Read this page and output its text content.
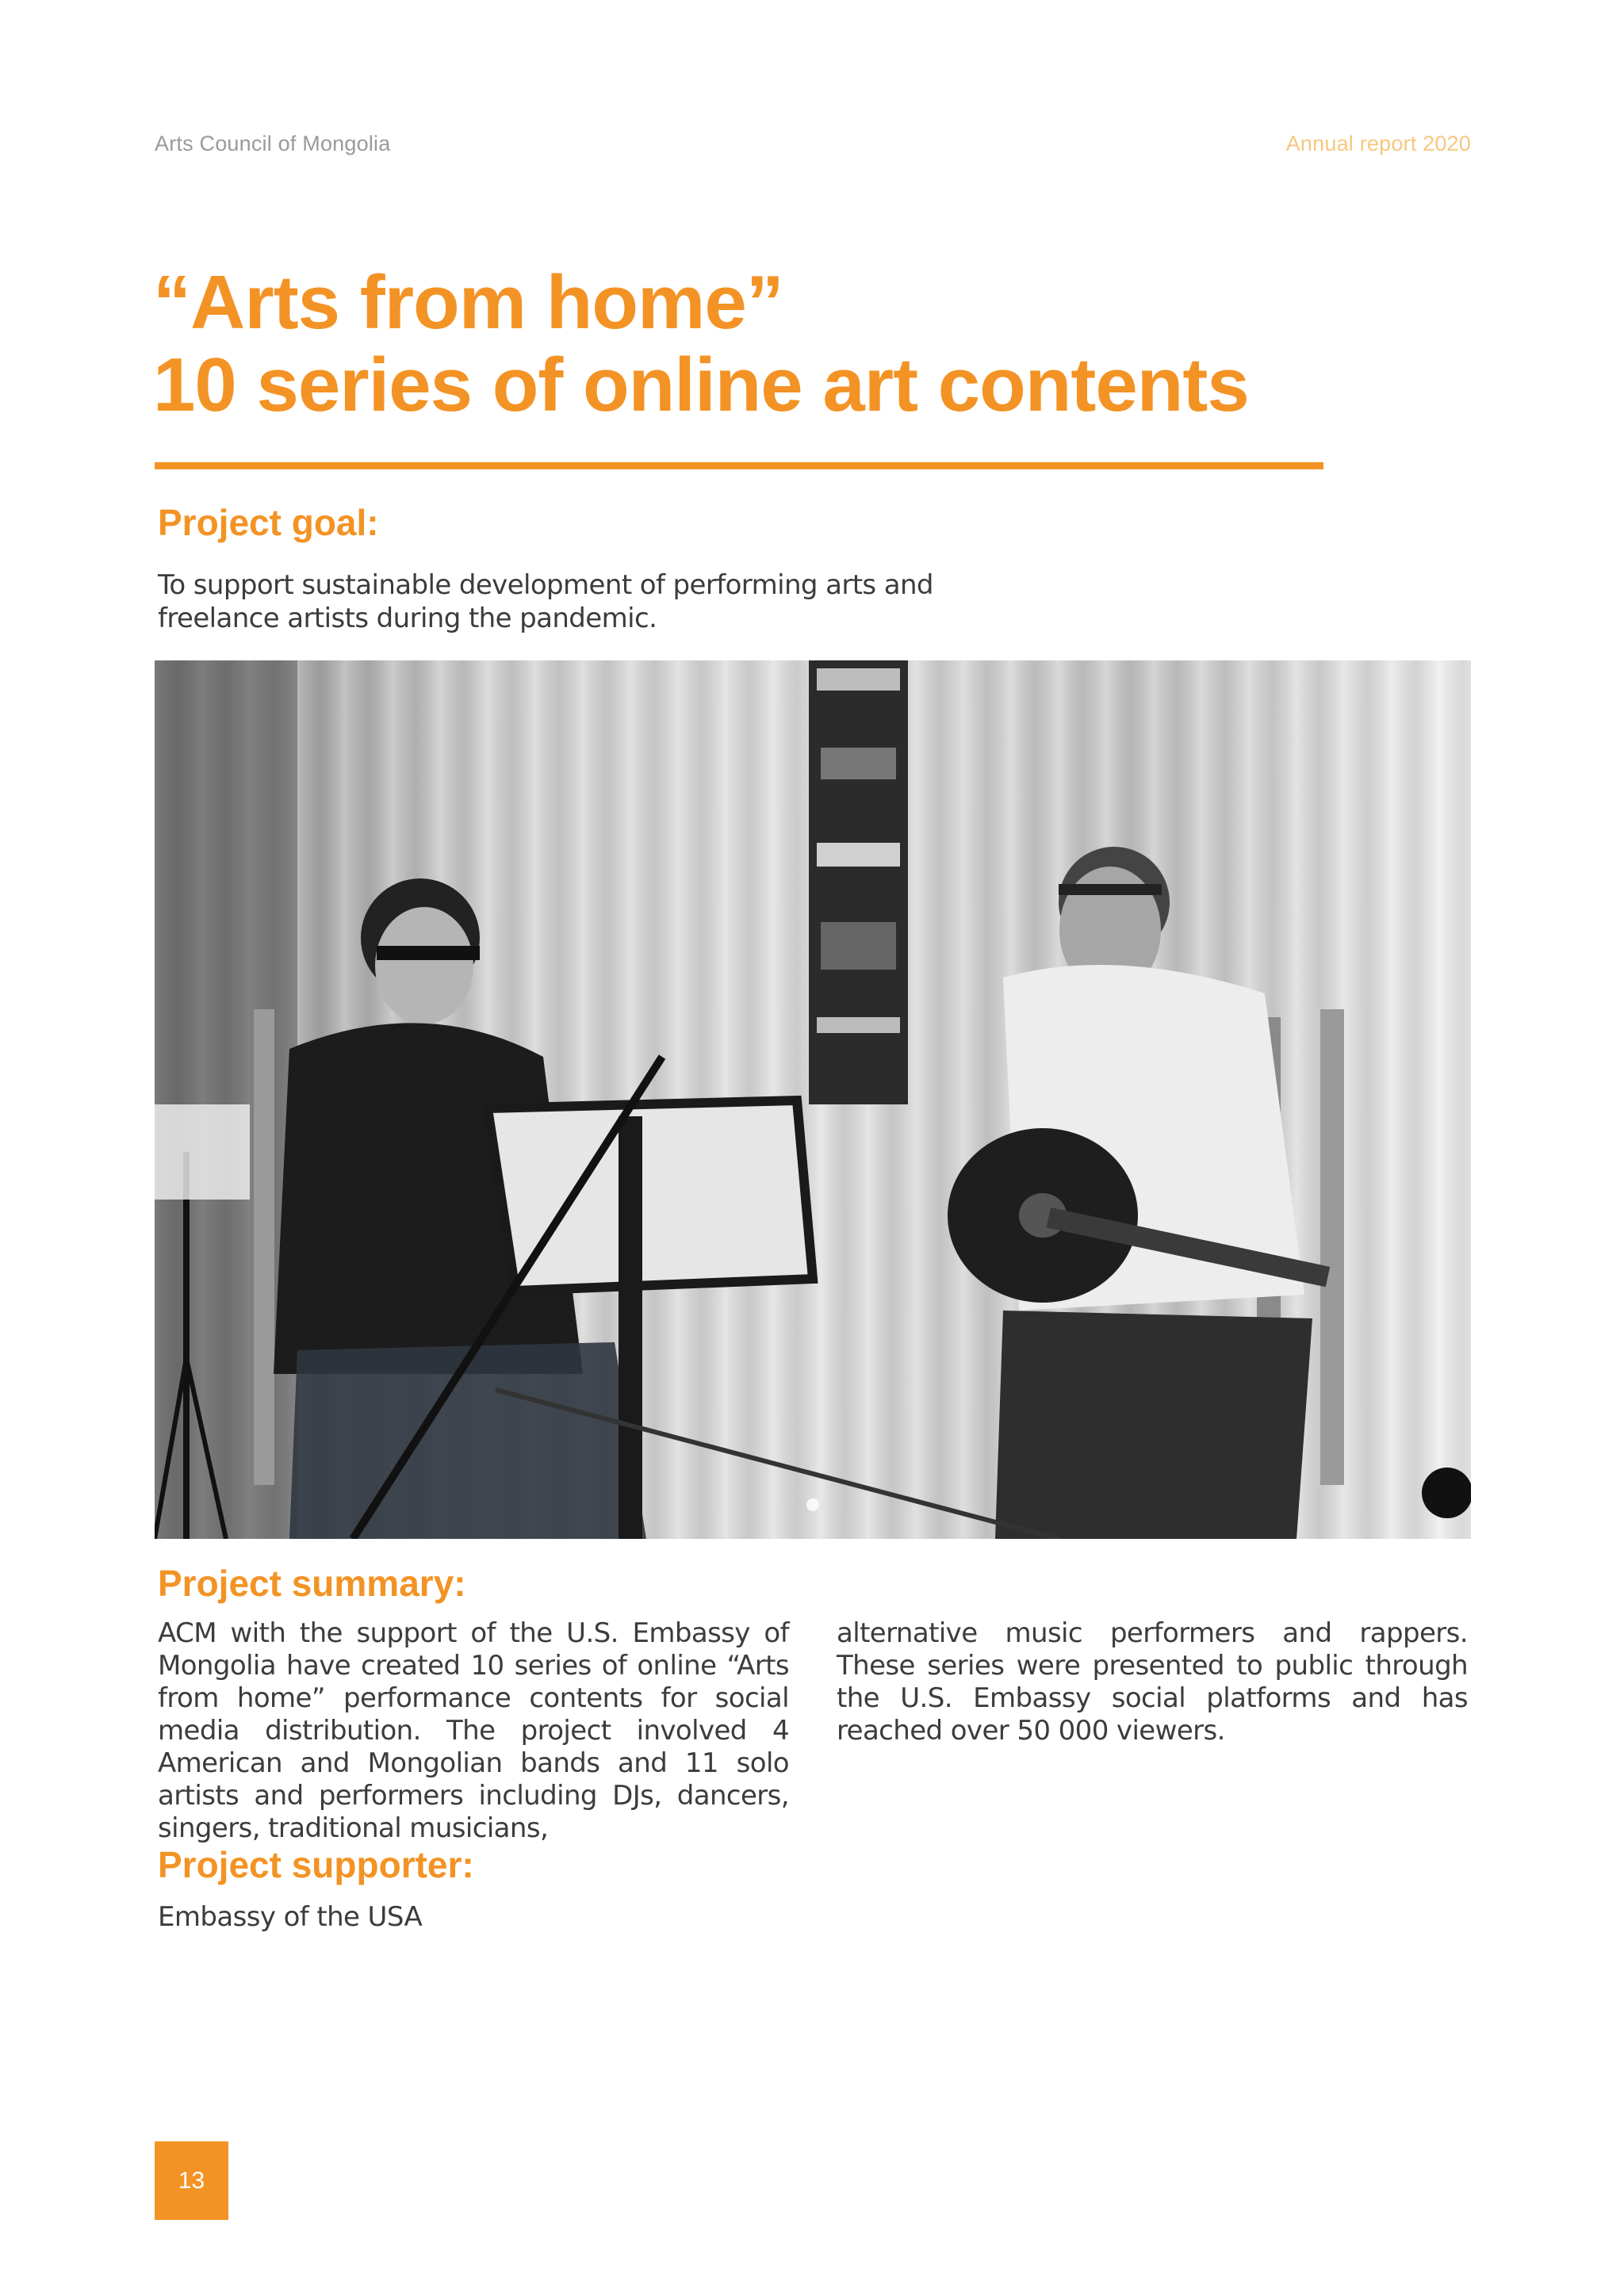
Arts Council of Mongolia	Annual report 2020
“Arts from home”
10 series of online art contents
Project goal:
To support sustainable development of performing arts and freelance artists during the pandemic.
Project summary:
ACM with the support of the U.S. Embassy of Mongolia have created 10 series of online “Arts from home” performance contents for social media distribution. The project involved 4 American and Mongolian bands and 11 solo artists and performers including DJs, dancers, singers, traditional musicians,
alternative music performers and rappers. These series were presented to public through the U.S. Embassy social platforms and has reached over 50 000 viewers.
Project supporter:
Embassy of the USA
13
